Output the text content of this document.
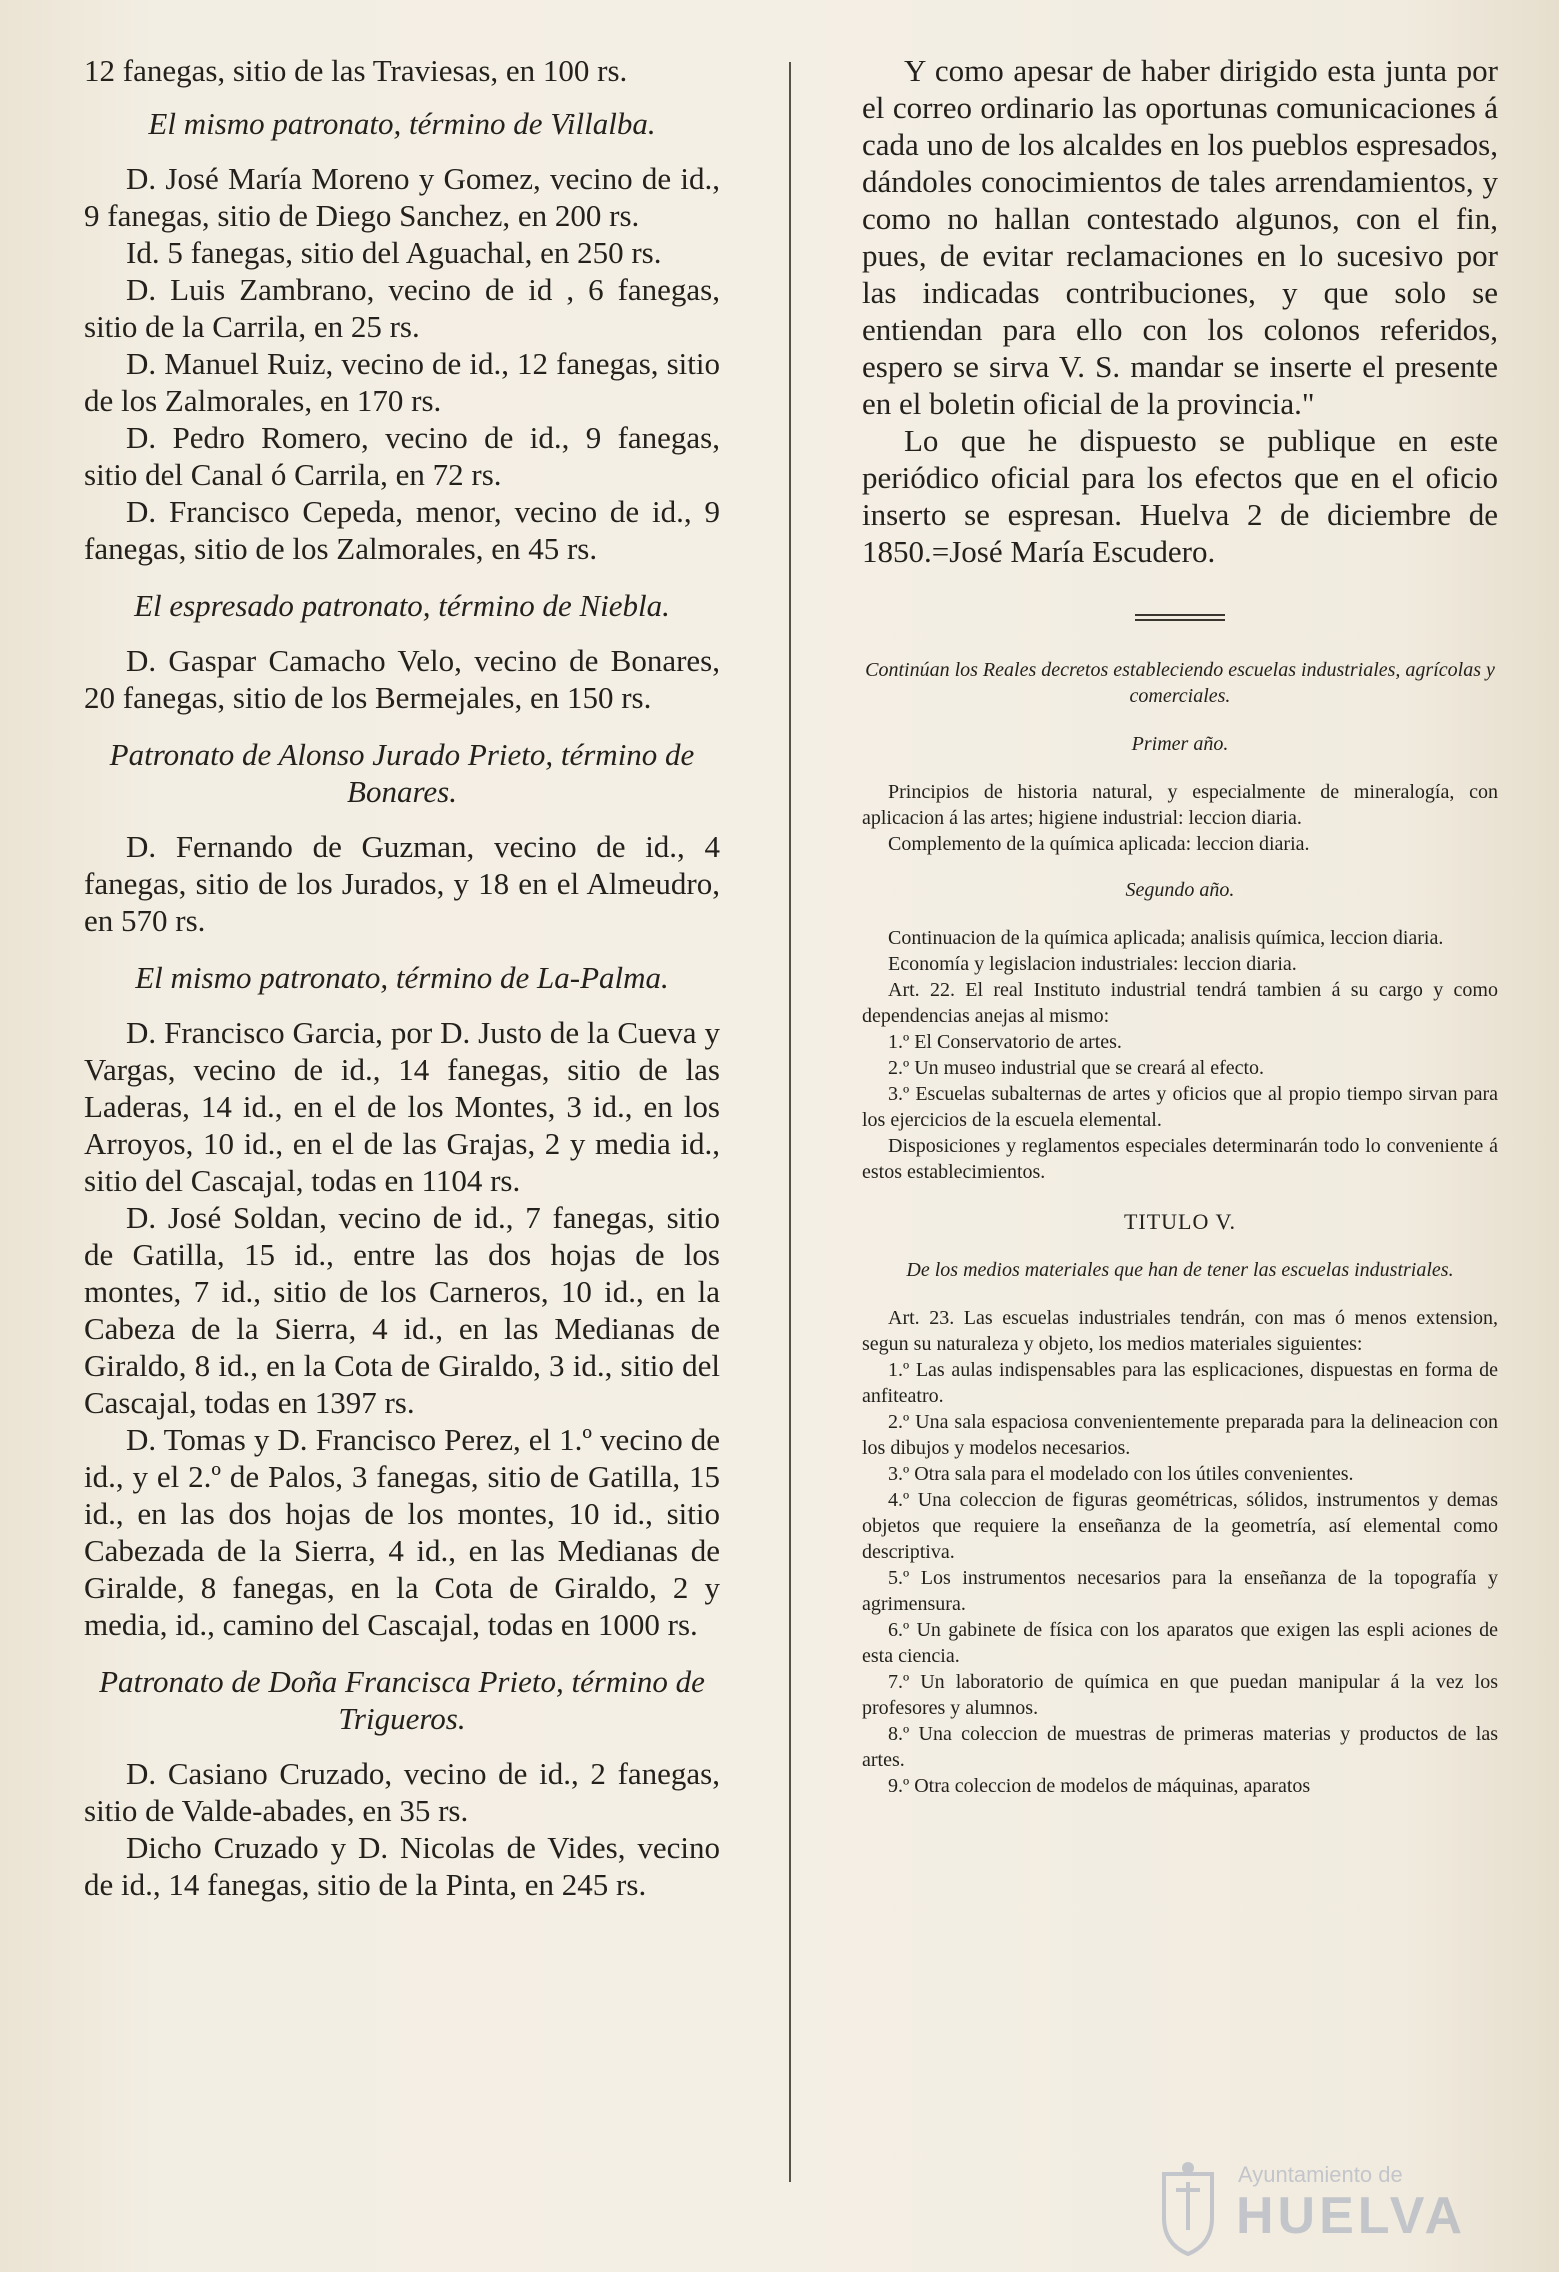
12 fanegas, sitio de las Traviesas, en 100 rs.

El mismo patronato, término de Villalba.

D. José María Moreno y Gomez, vecino de id., 9 fanegas, sitio de Diego Sanchez, en 200 rs.

Id. 5 fanegas, sitio del Aguachal, en 250 rs.

D. Luis Zambrano, vecino de id , 6 fanegas, sitio de la Carrila, en 25 rs.

D. Manuel Ruiz, vecino de id., 12 fanegas, sitio de los Zalmorales, en 170 rs.

D. Pedro Romero, vecino de id., 9 fanegas, sitio del Canal ó Carrila, en 72 rs.

D. Francisco Cepeda, menor, vecino de id., 9 fanegas, sitio de los Zalmorales, en 45 rs.

El espresado patronato, término de Niebla.

D. Gaspar Camacho Velo, vecino de Bonares, 20 fanegas, sitio de los Bermejales, en 150 rs.

Patronato de Alonso Jurado Prieto, término de Bonares.

D. Fernando de Guzman, vecino de id., 4 fanegas, sitio de los Jurados, y 18 en el Almeudro, en 570 rs.

El mismo patronato, término de La-Palma.

D. Francisco Garcia, por D. Justo de la Cueva y Vargas, vecino de id., 14 fanegas, sitio de las Laderas, 14 id., en el de los Montes, 3 id., en los Arroyos, 10 id., en el de las Grajas, 2 y media id., sitio del Cascajal, todas en 1104 rs.

D. José Soldan, vecino de id., 7 fanegas, sitio de Gatilla, 15 id., entre las dos hojas de los montes, 7 id., sitio de los Carneros, 10 id., en la Cabeza de la Sierra, 4 id., en las Medianas de Giraldo, 8 id., en la Cota de Giraldo, 3 id., sitio del Cascajal, todas en 1397 rs.

D. Tomas y D. Francisco Perez, el 1.º vecino de id., y el 2.º de Palos, 3 fanegas, sitio de Gatilla, 15 id., en las dos hojas de los montes, 10 id., sitio Cabezada de la Sierra, 4 id., en las Medianas de Giralde, 8 fanegas, en la Cota de Giraldo, 2 y media, id., camino del Cascajal, todas en 1000 rs.

Patronato de Doña Francisca Prieto, término de Trigueros.

D. Casiano Cruzado, vecino de id., 2 fanegas, sitio de Valde-abades, en 35 rs.

Dicho Cruzado y D. Nicolas de Vides, vecino de id., 14 fanegas, sitio de la Pinta, en 245 rs.

Y como apesar de haber dirigido esta junta por el correo ordinario las oportunas comunicaciones á cada uno de los alcaldes en los pueblos espresados, dándoles conocimientos de tales arrendamientos, y como no hallan contestado algunos, con el fin, pues, de evitar reclamaciones en lo sucesivo por las indicadas contribuciones, y que solo se entiendan para ello con los colonos referidos, espero se sirva V. S. mandar se inserte el presente en el boletin oficial de la provincia."

Lo que he dispuesto se publique en este periódico oficial para los efectos que en el oficio inserto se espresan. Huelva 2 de diciembre de 1850.=José María Escudero.

Continúan los Reales decretos estableciendo escuelas industriales, agrícolas y comerciales.
Primer año.

Principios de historia natural, y especialmente de mineralogía, con aplicacion á las artes; higiene industrial: leccion diaria.

Complemento de la química aplicada: leccion diaria.

Segundo año.

Continuacion de la química aplicada; analisis química, leccion diaria.

Economía y legislacion industriales: leccion diaria.

Art. 22. El real Instituto industrial tendrá tambien á su cargo y como dependencias anejas al mismo:

1.º El Conservatorio de artes.

2.º Un museo industrial que se creará al efecto.

3.º Escuelas subalternas de artes y oficios que al propio tiempo sirvan para los ejercicios de la escuela elemental.

Disposiciones y reglamentos especiales determinarán todo lo conveniente á estos establecimientos.

TITULO V.
De los medios materiales que han de tener las escuelas industriales.

Art. 23. Las escuelas industriales tendrán, con mas ó menos extension, segun su naturaleza y objeto, los medios materiales siguientes:

1.º Las aulas indispensables para las esplicaciones, dispuestas en forma de anfiteatro.

2.º Una sala espaciosa convenientemente preparada para la delineacion con los dibujos y modelos necesarios.

3.º Otra sala para el modelado con los útiles convenientes.

4.º Una coleccion de figuras geométricas, sólidos, instrumentos y demas objetos que requiere la enseñanza de la geometría, así elemental como descriptiva.

5.º Los instrumentos necesarios para la enseñanza de la topografía y agrimensura.

6.º Un gabinete de física con los aparatos que exigen las espli aciones de esta ciencia.

7.º Un laboratorio de química en que puedan manipular á la vez los profesores y alumnos.

8.º Una coleccion de muestras de primeras materias y productos de las artes.

9.º Otra coleccion de modelos de máquinas, aparatos

Ayuntamiento de
HUELVA
